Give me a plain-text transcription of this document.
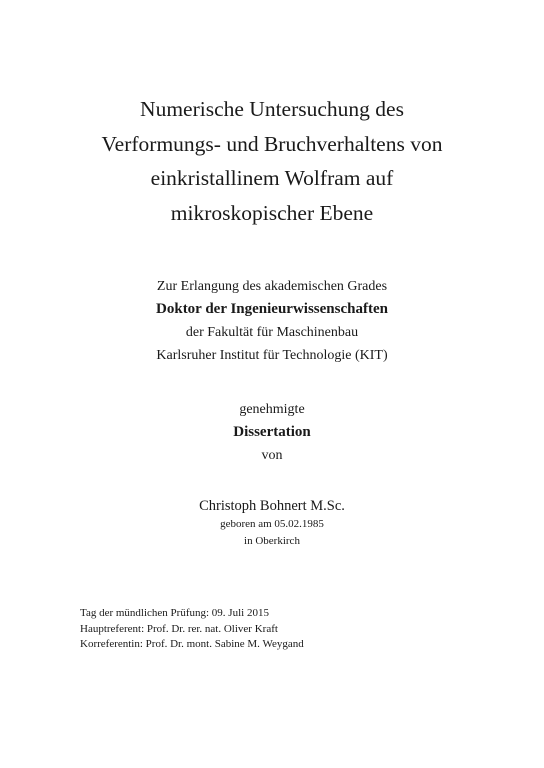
Numerische Untersuchung des
Verformungs- und Bruchverhaltens von
einkristallinem Wolfram auf
mikroskopischer Ebene
Zur Erlangung des akademischen Grades
Doktor der Ingenieurwissenschaften
der Fakultät für Maschinenbau
Karlsruher Institut für Technologie (KIT)
genehmigte
Dissertation
von
Christoph Bohnert M.Sc.
geboren am 05.02.1985
in Oberkirch
Tag der mündlichen Prüfung: 09. Juli 2015
Hauptreferent: Prof. Dr. rer. nat. Oliver Kraft
Korreferentin: Prof. Dr. mont. Sabine M. Weygand
